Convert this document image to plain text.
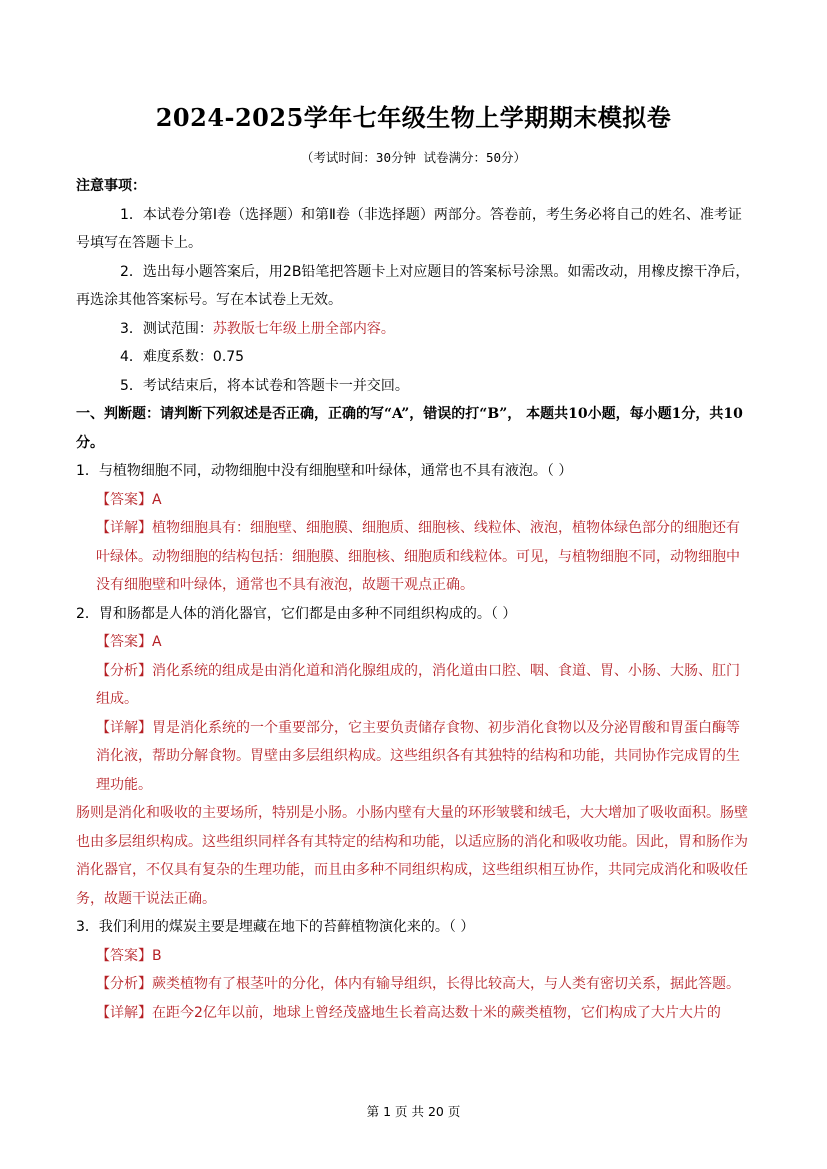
2024-2025学年七年级生物上学期期末模拟卷
（考试时间：30分钟 试卷满分：50分）

注意事项：

1．本试卷分第Ⅰ卷（选择题）和第Ⅱ卷（非选择题）两部分。答卷前，考生务必将自己的姓名、准考证号填写在答题卡上。

2．选出每小题答案后，用2B铅笔把答题卡上对应题目的答案标号涂黑。如需改动，用橡皮擦干净后，再选涂其他答案标号。写在本试卷上无效。

3．测试范围：苏教版七年级上册全部内容。

4．难度系数：0.75

5．考试结束后，将本试卷和答题卡一并交回。

一、判断题：请判断下列叙述是否正确，正确的写“A”，错误的打“B”， 本题共10小题，每小题1分，共10分。

1．与植物细胞不同，动物细胞中没有细胞壁和叶绿体，通常也不具有液泡。（ ）

【答案】A

【详解】植物细胞具有：细胞壁、细胞膜、细胞质、细胞核、线粒体、液泡，植物体绿色部分的细胞还有叶绿体。动物细胞的结构包括：细胞膜、细胞核、细胞质和线粒体。可见，与植物细胞不同，动物细胞中没有细胞壁和叶绿体，通常也不具有液泡，故题干观点正确。

2．胃和肠都是人体的消化器官，它们都是由多种不同组织构成的。（ ）

【答案】A

【分析】消化系统的组成是由消化道和消化腺组成的，消化道由口腔、咽、食道、胃、小肠、大肠、肛门组成。

【详解】胃是消化系统的一个重要部分，它主要负责储存食物、初步消化食物以及分泌胃酸和胃蛋白酶等消化液，帮助分解食物。胃壁由多层组织构成。这些组织各有其独特的结构和功能，共同协作完成胃的生理功能。

肠则是消化和吸收的主要场所，特别是小肠。小肠内壁有大量的环形皱襞和绒毛，大大增加了吸收面积。肠壁也由多层组织构成。这些组织同样各有其特定的结构和功能，以适应肠的消化和吸收功能。因此，胃和肠作为消化器官，不仅具有复杂的生理功能，而且由多种不同组织构成，这些组织相互协作，共同完成消化和吸收任务，故题干说法正确。

3．我们利用的煤炭主要是埋藏在地下的苔藓植物演化来的。（ ）

【答案】B

【分析】蕨类植物有了根茎叶的分化，体内有输导组织，长得比较高大，与人类有密切关系，据此答题。

【详解】在距今2亿年以前，地球上曾经茂盛地生长着高达数十米的蕨类植物，它们构成了大片大片的

第 1 页 共 20 页
